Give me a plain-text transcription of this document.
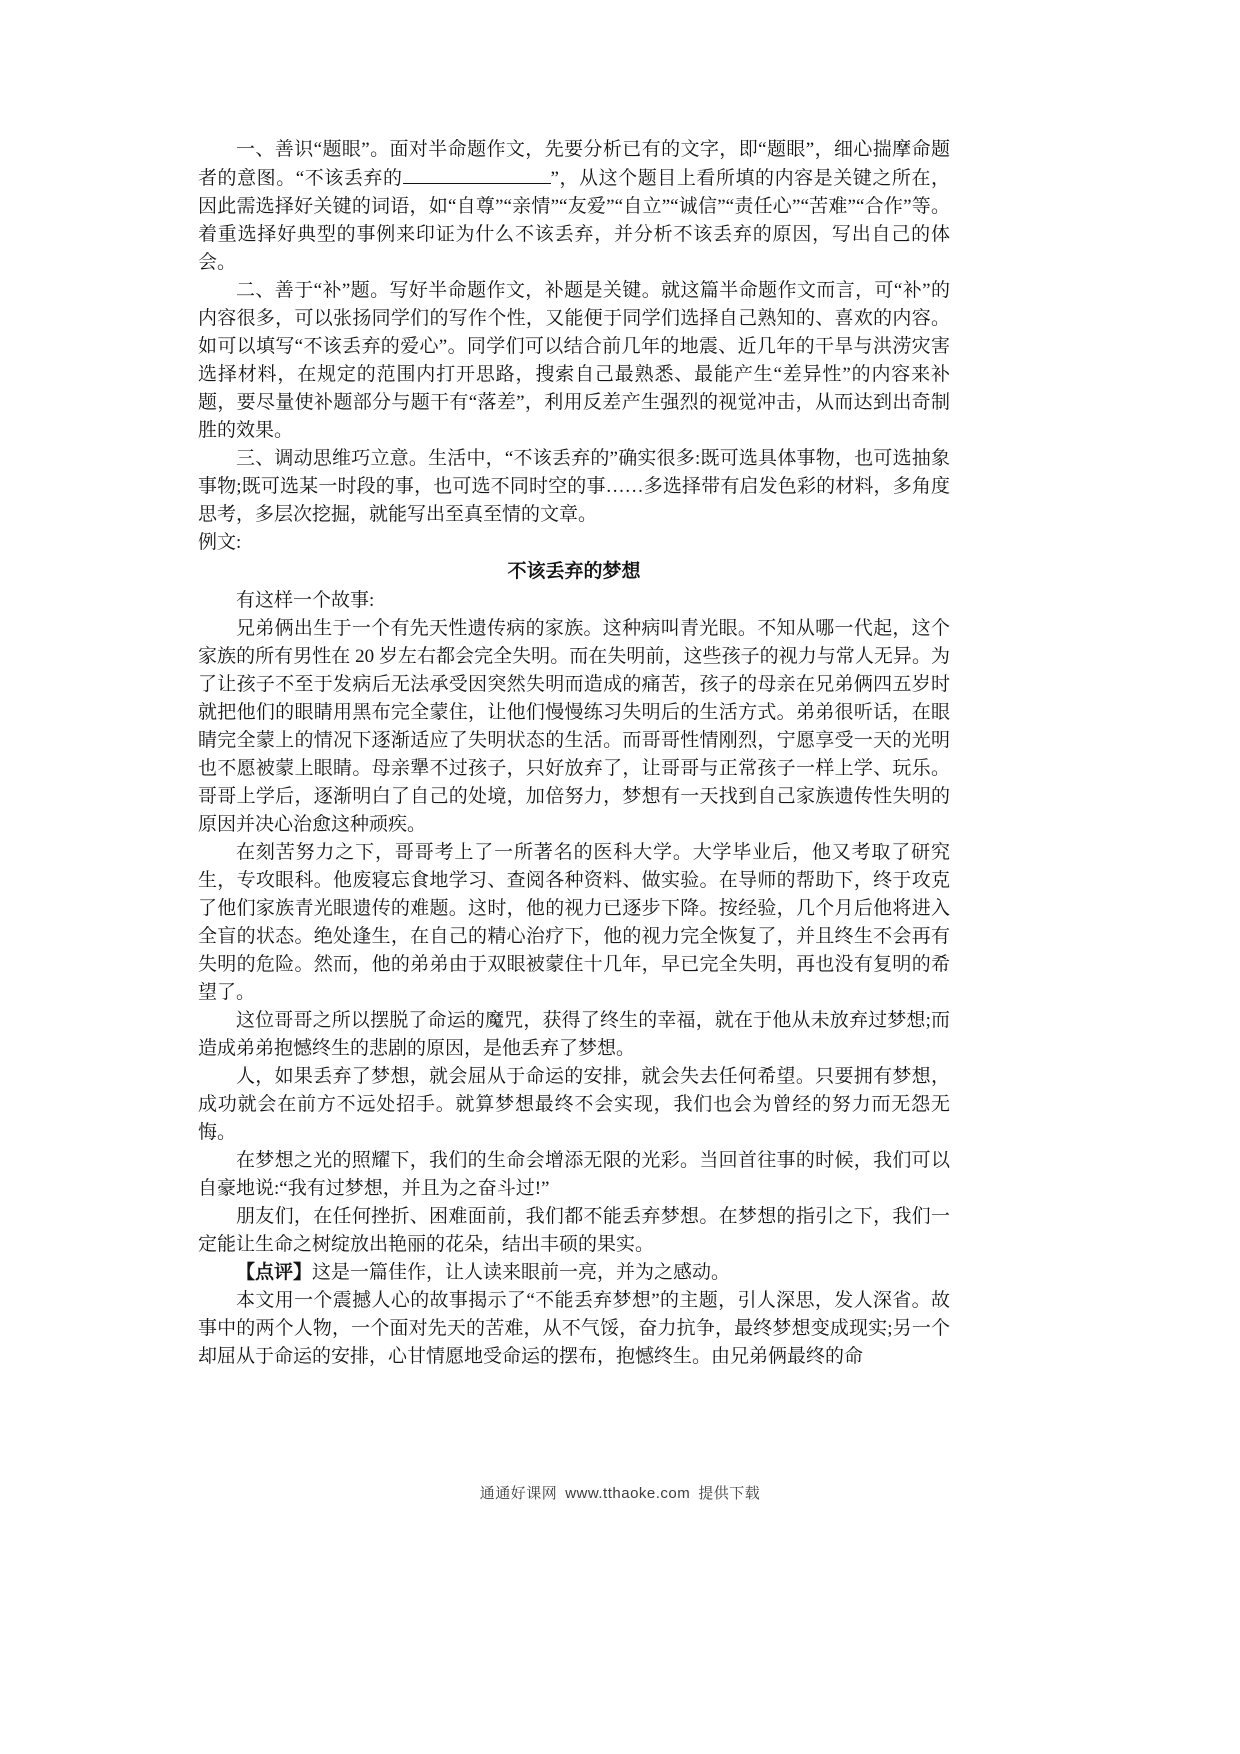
一、善识“题眼”。面对半命题作文，先要分析已有的文字，即“题眼”，细心揣摩命题者的意图。“不该丢弃的	”，从这个题目上看所填的内容是关键之所在，因此需选择好关键的词语，如“自尊”“亲情”“友爱”“自立”“诚信”“责任心”“苦难”“合作”等。着重选择好典型的事例来印证为什么不该丢弃，并分析不该丢弃的原因，写出自己的体会。

二、善于“补”题。写好半命题作文，补题是关键。就这篇半命题作文而言，可“补”的内容很多，可以张扬同学们的写作个性，又能便于同学们选择自己熟知的、喜欢的内容。如可以填写“不该丢弃的爱心”。同学们可以结合前几年的地震、近几年的干旱与洪涝灾害选择材料，在规定的范围内打开思路，搜索自己最熟悉、最能产生“差异性”的内容来补题，要尽量使补题部分与题干有“落差”，利用反差产生强烈的视觉冲击，从而达到出奇制胜的效果。

三、调动思维巧立意。生活中，“不该丢弃的”确实很多:既可选具体事物，也可选抽象事物;既可选某一时段的事，也可选不同时空的事……多选择带有启发色彩的材料，多角度思考，多层次挖掘，就能写出至真至情的文章。

例文:

不该丢弃的梦想

有这样一个故事:

兄弟俩出生于一个有先天性遗传病的家族。这种病叫青光眼。不知从哪一代起，这个家族的所有男性在 20 岁左右都会完全失明。而在失明前，这些孩子的视力与常人无异。为了让孩子不至于发病后无法承受因突然失明而造成的痛苦，孩子的母亲在兄弟俩四五岁时就把他们的眼睛用黑布完全蒙住，让他们慢慢练习失明后的生活方式。弟弟很听话，在眼睛完全蒙上的情况下逐渐适应了失明状态的生活。而哥哥性情刚烈，宁愿享受一天的光明也不愿被蒙上眼睛。母亲犟不过孩子，只好放弃了，让哥哥与正常孩子一样上学、玩乐。哥哥上学后，逐渐明白了自己的处境，加倍努力，梦想有一天找到自己家族遗传性失明的原因并决心治愈这种顽疾。

在刻苦努力之下，哥哥考上了一所著名的医科大学。大学毕业后，他又考取了研究生，专攻眼科。他废寝忘食地学习、查阅各种资料、做实验。在导师的帮助下，终于攻克了他们家族青光眼遗传的难题。这时，他的视力已逐步下降。按经验，几个月后他将进入全盲的状态。绝处逢生，在自己的精心治疗下，他的视力完全恢复了，并且终生不会再有失明的危险。然而，他的弟弟由于双眼被蒙住十几年，早已完全失明，再也没有复明的希望了。

这位哥哥之所以摆脱了命运的魔咒，获得了终生的幸福，就在于他从未放弃过梦想;而造成弟弟抱憾终生的悲剧的原因，是他丢弃了梦想。

人，如果丢弃了梦想，就会屈从于命运的安排，就会失去任何希望。只要拥有梦想，成功就会在前方不远处招手。就算梦想最终不会实现，我们也会为曾经的努力而无怨无悔。

在梦想之光的照耀下，我们的生命会增添无限的光彩。当回首往事的时候，我们可以自豪地说:“我有过梦想，并且为之奋斗过!”

朋友们，在任何挫折、困难面前，我们都不能丢弃梦想。在梦想的指引之下，我们一定能让生命之树绽放出艳丽的花朵，结出丰硕的果实。

【点评】这是一篇佳作，让人读来眼前一亮，并为之感动。

本文用一个震撼人心的故事揭示了“不能丢弃梦想”的主题，引人深思，发人深省。故事中的两个人物，一个面对先天的苦难，从不气馁，奋力抗争，最终梦想变成现实;另一个却屈从于命运的安排，心甘情愿地受命运的摆布，抱憾终生。由兄弟俩最终的命

通通好课网 www.tthaoke.com 提供下载
